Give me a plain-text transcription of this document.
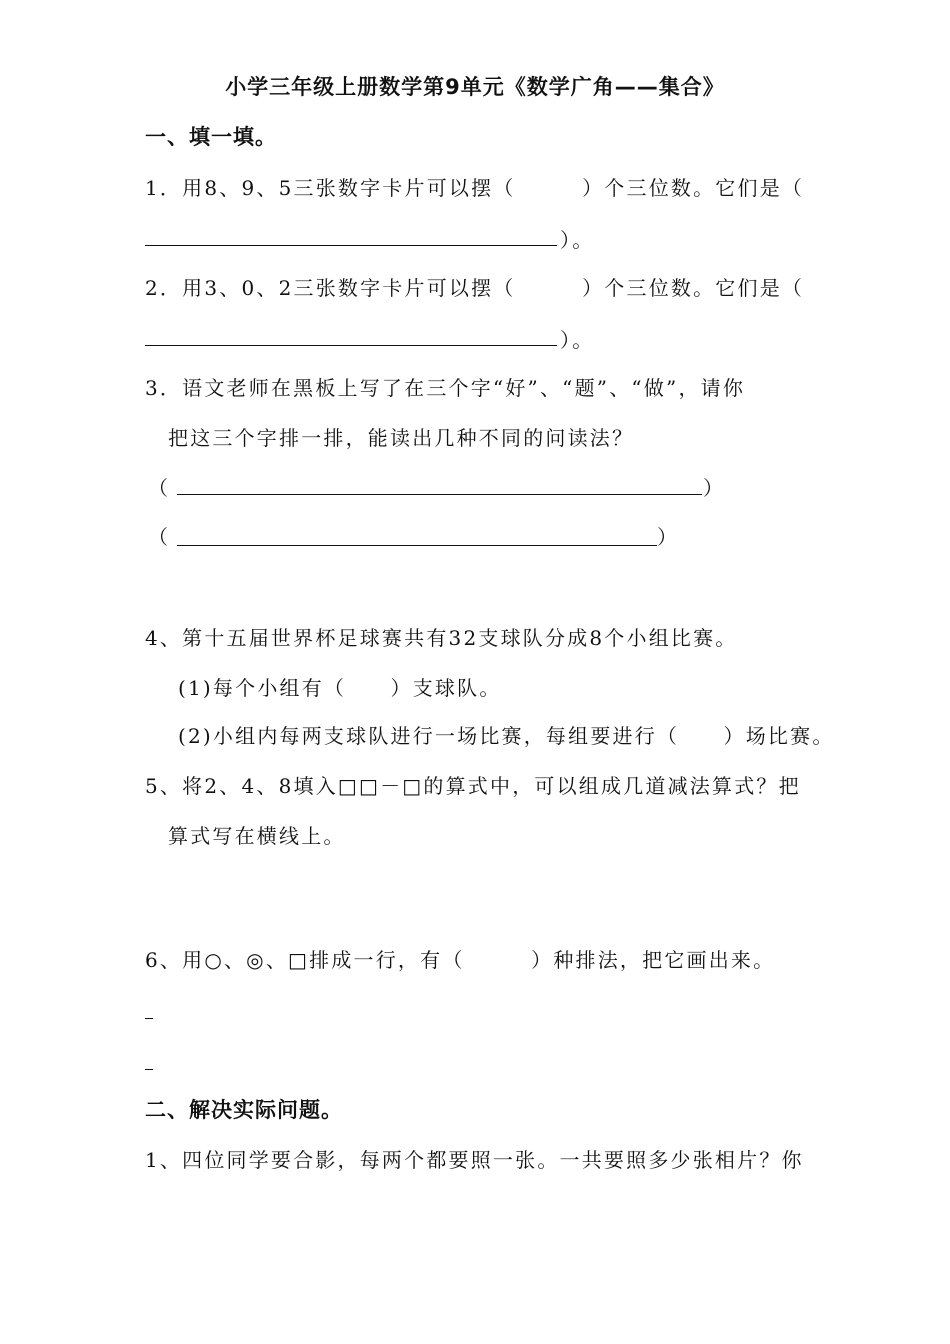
小学三年级上册数学第9单元《数学广角——集合》
一、填一填。
1．用8、9、5三张数字卡片可以摆（　　　）个三位数。它们是（
）。
2．用3、0、2三张数字卡片可以摆（　　　）个三位数。它们是（
）。
3．语文老师在黑板上写了在三个字“好”、“题”、“做”，请你
把这三个字排一排，能读出几种不同的问读法？
（	）
（	）
4、第十五届世界杯足球赛共有32支球队分成8个小组比赛。
(1)每个小组有（　　）支球队。
(2)小组内每两支球队进行一场比赛，每组要进行（　　）场比赛。
5、将2、4、8填入□□－□的算式中，可以组成几道减法算式？把
算式写在横线上。
6、用○、◎、□排成一行，有（　　　）种排法，把它画出来。
二、解决实际问题。
1、四位同学要合影，每两个都要照一张。一共要照多少张相片？你
